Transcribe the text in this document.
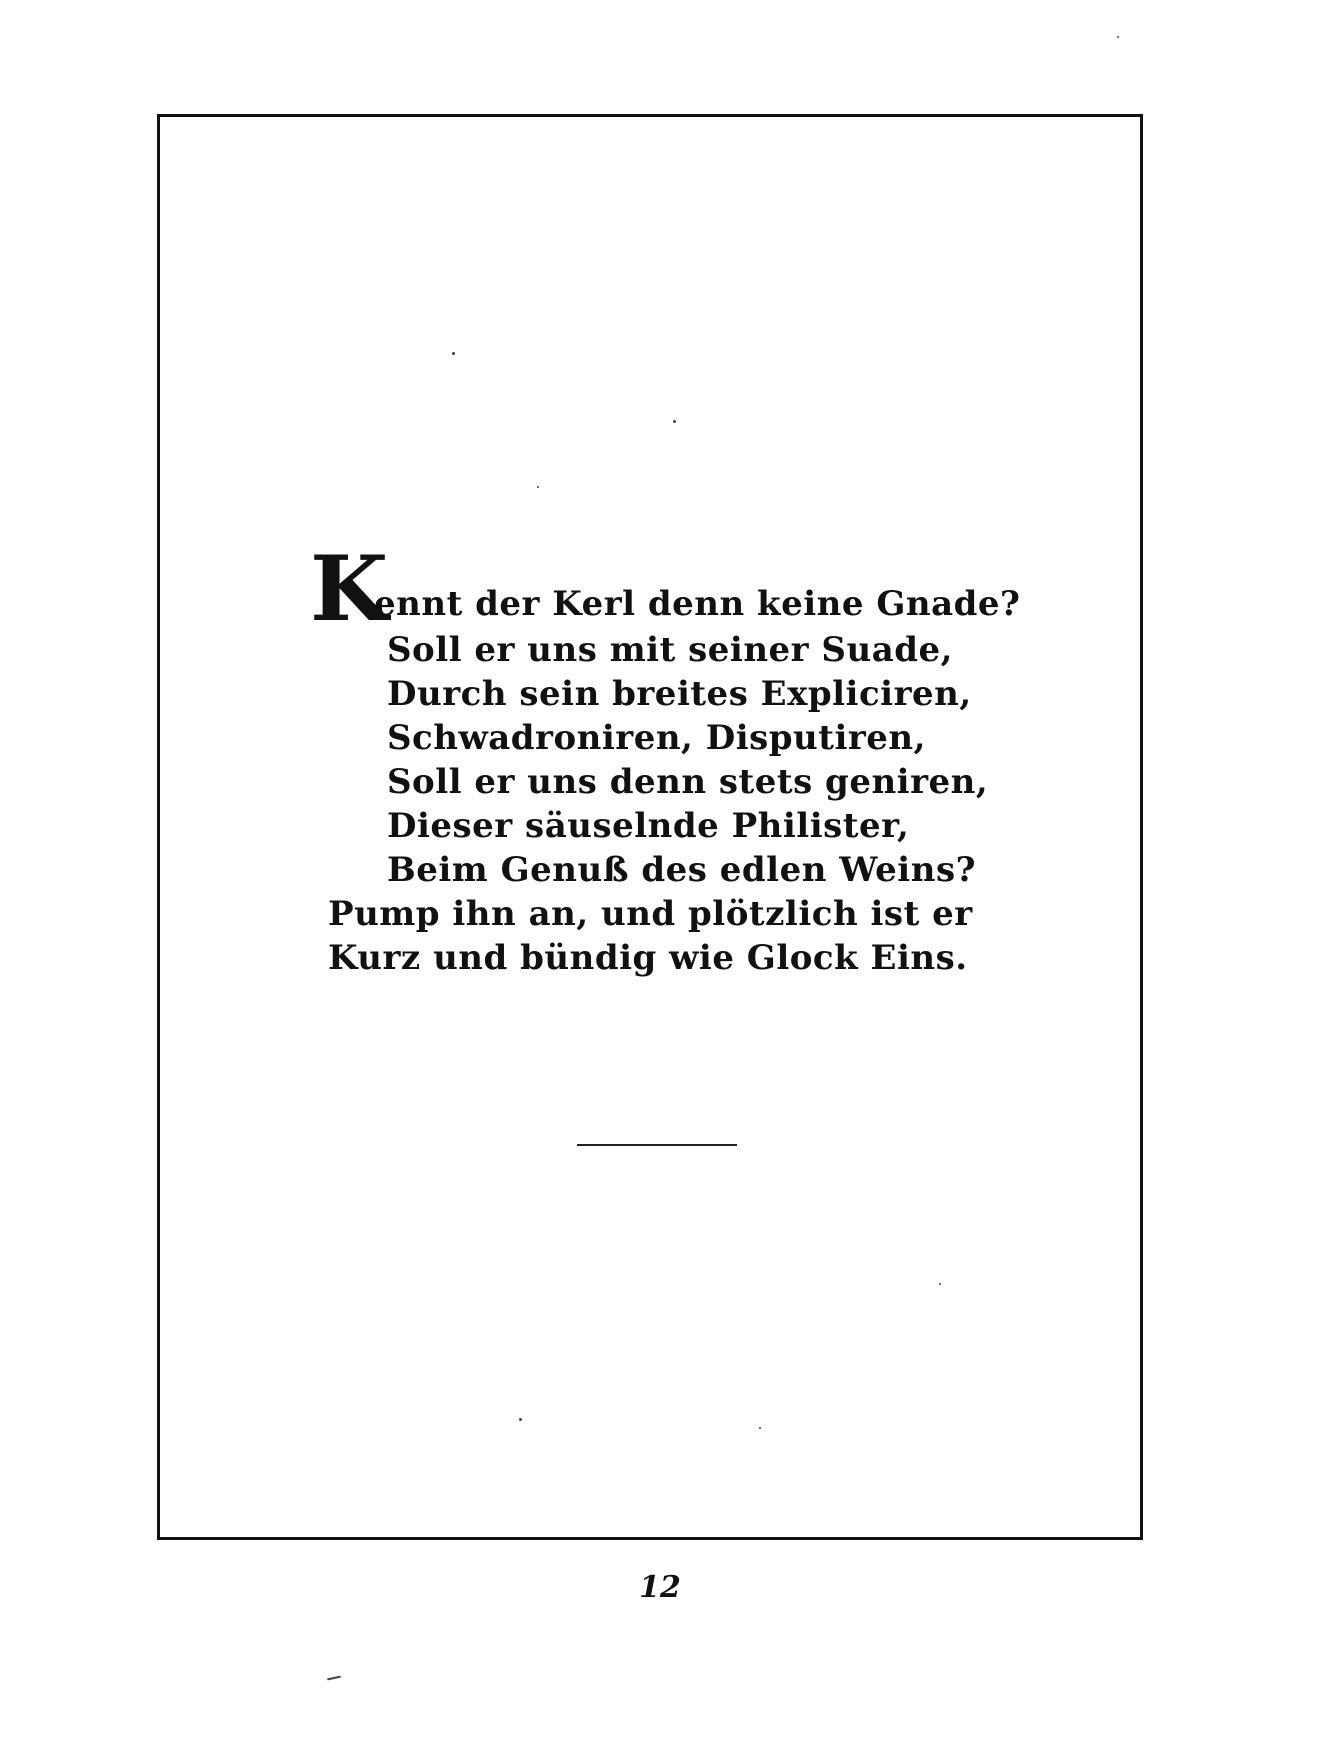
K
ennt der Kerl denn keine Gnade?
Soll er uns mit seiner Suade,
Durch sein breites Expliciren,
Schwadroniren, Disputiren,
Soll er uns denn stets geniren,
Dieser säuselnde Philister,
Beim Genuß des edlen Weins?
Pump ihn an, und plötzlich ist er
Kurz und bündig wie Glock Eins.
12
